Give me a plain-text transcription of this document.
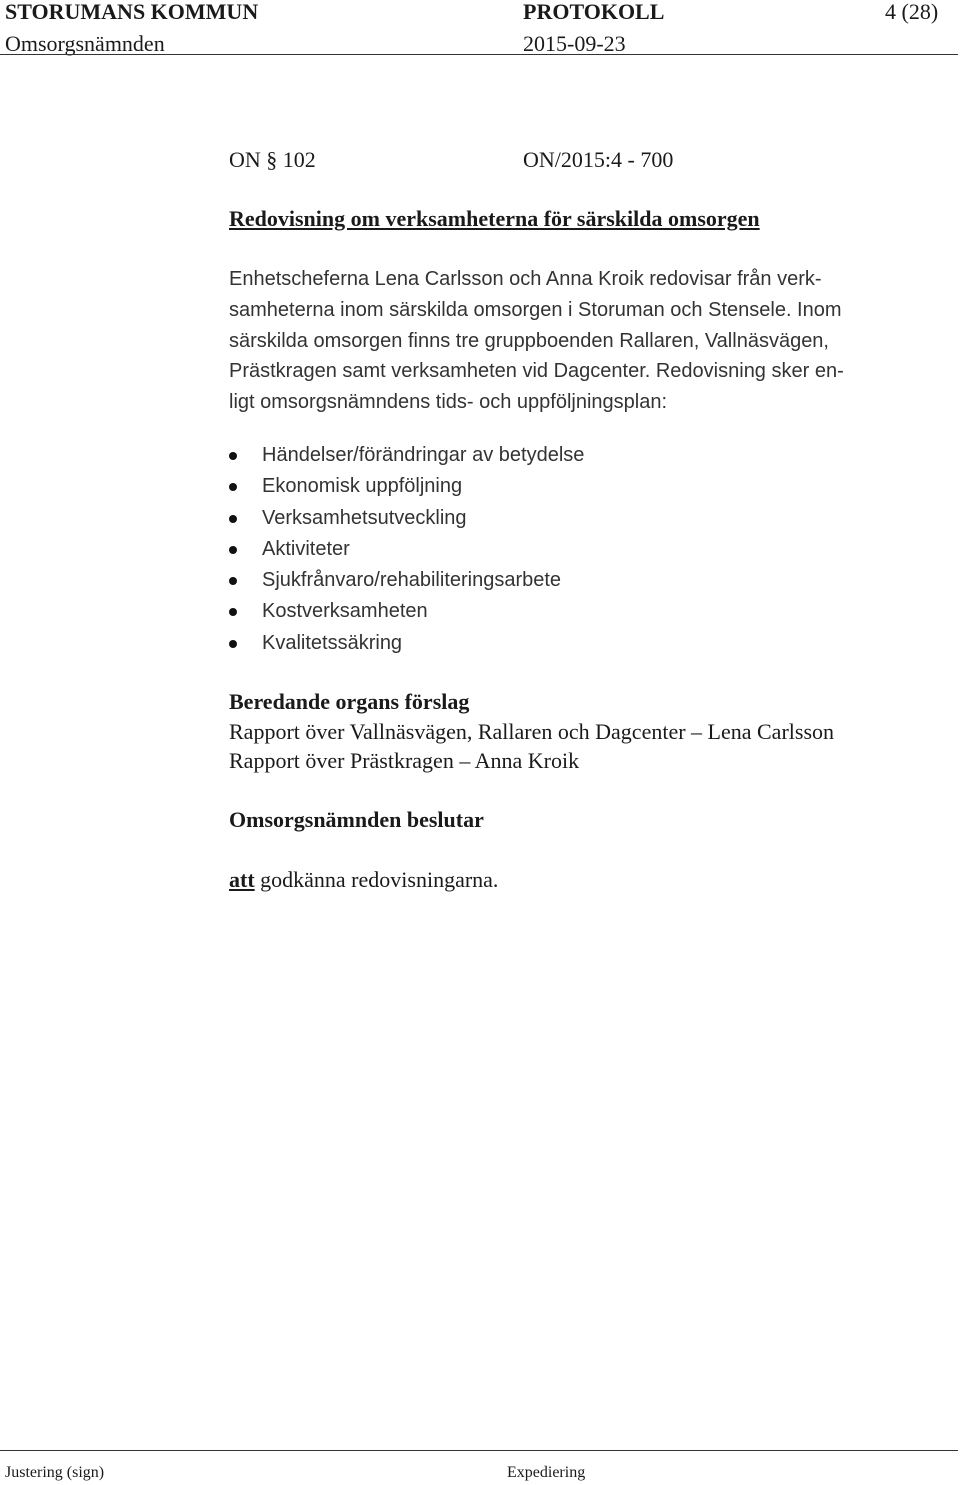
STORUMANS KOMMUN	PROTOKOLL	4 (28)
Omsorgsnämnden	2015-09-23
ON § 102	ON/2015:4 - 700
Redovisning om verksamheterna för särskilda omsorgen
Enhetscheferna Lena Carlsson och Anna Kroik redovisar från verk-
samheterna inom särskilda omsorgen i Storuman och Stensele. Inom
särskilda omsorgen finns tre gruppboenden Rallaren, Vallnäsvägen,
Prästkragen samt verksamheten vid Dagcenter. Redovisning sker en-
ligt omsorgsnämndens tids- och uppföljningsplan:
Händelser/förändringar av betydelse
Ekonomisk uppföljning
Verksamhetsutveckling
Aktiviteter
Sjukfrånvaro/rehabiliteringsarbete
Kostverksamheten
Kvalitetssäkring
Beredande organs förslag
Rapport över Vallnäsvägen, Rallaren och Dagcenter – Lena Carlsson
Rapport över Prästkragen – Anna Kroik
Omsorgsnämnden beslutar
att godkänna redovisningarna.
Justering (sign)	Expediering
